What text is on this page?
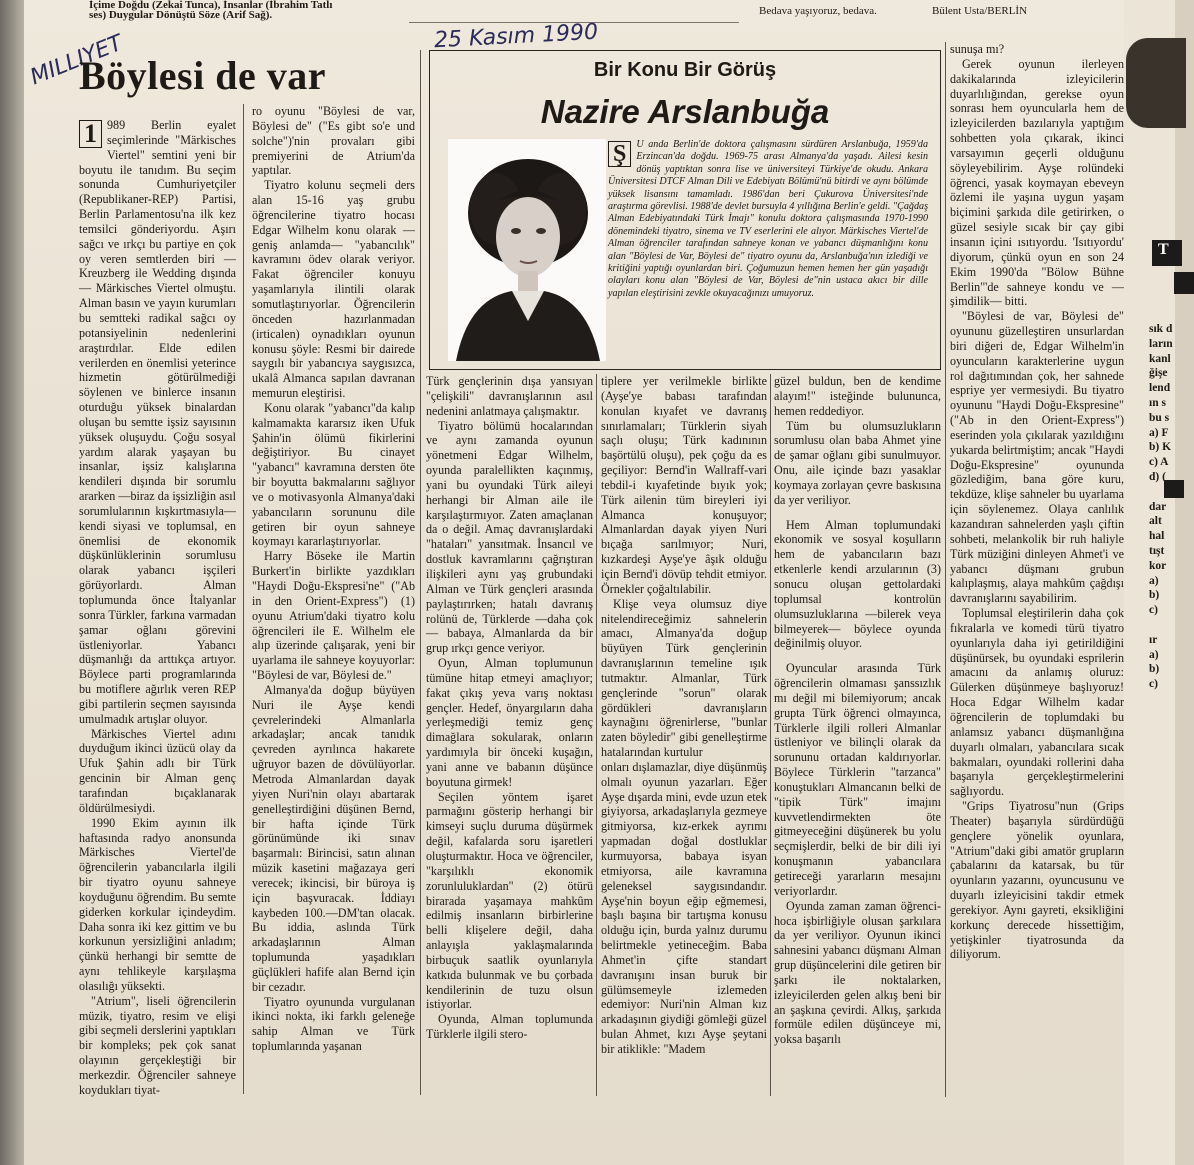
İçime Doğdu (Zekai Tunca), İnsanlar (İbrahim Tatlı
ses) Duygular Dönüştü Söze (Arif Sağ).	Bedava yaşıyoruz, bedava.	Bülent Usta/BERLİN
MILLIYET	25 Kasım 1990
Böylesi de var

1 989 Berlin eyalet seçimlerinde "Märkisches Viertel" semtini yeni bir boyutu ile tanıdım. Bu seçim sonunda Cumhuriyetçiler (Republikaner-REP) Partisi, Berlin Parlamentosu'na ilk kez temsilci gönderiyordu. Aşırı sağcı ve ırkçı bu partiye en çok oy veren semtlerden biri —Kreuzberg ile Wedding dışında— Märkisches Viertel olmuştu. Alman basın ve yayın kurumları bu semtteki radikal sağcı oy potansiyelinin nedenlerini araştırdılar. Elde edilen verilerden en önemlisi yeterince hizmetin götürülmediği söylenen ve binlerce insanın oturduğu yüksek binalardan oluşan bu semtte işsiz sayısının yüksek oluşuydu. Çoğu sosyal yardım alarak yaşayan bu insanlar, işsiz kalışlarına kendileri dışında bir sorumlu ararken —biraz da işsizliğin asıl sorumlularının kışkırtmasıyla— kendi siyasi ve toplumsal, en önemlisi de ekonomik düşkünlüklerinin sorumlusu olarak yabancı işçileri görüyorlardı. Alman toplumunda önce İtalyanlar sonra Türkler, farkına varmadan şamar oğlanı görevini üstleniyorlar. Yabancı düşmanlığı da arttıkça artıyor. Böylece parti programlarında bu motiflere ağırlık veren REP gibi partilerin seçmen sayısında umulmadık artışlar oluyor.

Märkisches Viertel adını duyduğum ikinci üzücü olay da Ufuk Şahin adlı bir Türk gencinin bir Alman genç tarafından bıçaklanarak öldürülmesiydi.

1990 Ekim ayının ilk haftasında radyo anonsunda Märkisches Viertel'de öğrencilerin yabancılarla ilgili bir tiyatro oyunu sahneye koyduğunu öğrendim. Bu semte giderken korkular içindeydim. Daha sonra iki kez gittim ve bu korkunun yersizliğini anladım; çünkü herhangi bir semtte de aynı tehlikeyle karşılaşma olasılığı yüksekti.

"Atrium", liseli öğrencilerin müzik, tiyatro, resim ve elişi gibi seçmeli derslerini yaptıkları bir kompleks; pek çok sanat olayının gerçekleştiği bir merkezdir. Öğrenciler sahneye koydukları tiyat-

ro oyunu "Böylesi de var, Böylesi de" ("Es gibt so'e und solche")'nin provaları gibi premiyerini de Atrium'da yaptılar.

Tiyatro kolunu seçmeli ders alan 15-16 yaş grubu öğrencilerine tiyatro hocası Edgar Wilhelm konu olarak —geniş anlamda— "yabancılık" kavramını ödev olarak veriyor. Fakat öğrenciler konuyu yaşamlarıyla ilintili olarak somutlaştırıyorlar. Öğrencilerin önceden hazırlanmadan (irticalen) oynadıkları oyunun konusu şöyle: Resmi bir dairede saygılı bir yabancıya saygısızca, ukalâ Almanca sapılan davranan memurun eleştirisi.

Konu olarak "yabancı"da kalıp kalmamakta kararsız iken Ufuk Şahin'in ölümü fikirlerini değiştiriyor. Bu cinayet "yabancı" kavramına dersten öte bir boyutta bakmalarını sağlıyor ve o motivasyonla Almanya'daki yabancıların sorununu dile getiren bir oyun sahneye koymayı kararlaştırıyorlar.

Harry Böseke ile Martin Burkert'in birlikte yazdıkları "Haydi Doğu-Ekspresi'ne" ("Ab in den Orient-Express") (1) oyunu Atrium'daki tiyatro kolu öğrencileri ile E. Wilhelm ele alıp üzerinde çalışarak, yeni bir uyarlama ile sahneye koyuyorlar: "Böylesi de var, Böylesi de."

Almanya'da doğup büyüyen Nuri ile Ayşe kendi çevrelerindeki Almanlarla arkadaşlar; ancak tanıdık çevreden ayrılınca hakarete uğruyor bazen de dövülüyorlar. Metroda Almanlardan dayak yiyen Nuri'nin olayı abartarak genelleştirdiğini düşünen Bernd, bir hafta içinde Türk görünümünde iki sınav başarmalı: Birincisi, satın alınan müzik kasetini mağazaya geri verecek; ikincisi, bir büroya iş için başvuracak. İddiayı kaybeden 100.—DM'tan olacak. Bu iddia, aslında Türk arkadaşlarının Alman toplumunda yaşadıkları güçlükleri hafife alan Bernd için bir cezadır.

Tiyatro oyununda vurgulanan ikinci nokta, iki farklı geleneğe sahip Alman ve Türk toplumlarında yaşanan

Bir Konu Bir Görüş
Nazire Arslanbuğa
Ş U anda Berlin'de doktora çalışmasını sürdüren Arslanbuğa, 1959'da Erzincan'da doğdu. 1969-75 arası Almanya'da yaşadı. Ailesi kesin dönüş yaptıktan sonra lise ve üniversiteyi Türkiye'de okudu. Ankara Üniversitesi DTCF Alman Dili ve Edebiyatı Bölümü'nü bitirdi ve aynı bölümde yüksek lisansını tamamladı. 1986'dan beri Çukurova Üniversitesi'nde araştırma görevlisi. 1988'de devlet bursuyla 4 yıllığına Berlin'e geldi. "Çağdaş Alman Edebiyatındaki Türk İmajı" konulu doktora çalışmasında 1970-1990 dönemindeki tiyatro, sinema ve TV eserlerini ele alıyor. Märkisches Viertel'de Alman öğrenciler tarafından sahneye konan ve yabancı düşmanlığını konu alan "Böylesi de Var, Böylesi de" tiyatro oyunu da, Arslanbuğa'nın izlediği ve kritiğini yaptığı oyunlardan biri. Çoğumuzun hemen hemen her gün yaşadığı olayları konu alan "Böylesi de Var, Böylesi de"nin ustaca akıcı bir dille yapılan eleştirisini zevkle okuyacağınızı umuyoruz.

Türk gençlerinin dışa yansıyan "çelişkili" davranışlarının asıl nedenini anlatmaya çalışmaktır.

Tiyatro bölümü hocalarından ve aynı zamanda oyunun yönetmeni Edgar Wilhelm, oyunda paralellikten kaçınmış, yani bu oyundaki Türk aileyi herhangi bir Alman aile ile karşılaştırmıyor. Zaten amaçlanan da o değil. Amaç davranışlardaki "hataları" yansıtmak. İnsancıl ve dostluk kavramlarını çağrıştıran ilişkileri aynı yaş grubundaki Alman ve Türk gençleri arasında paylaştırırken; hatalı davranış rolünü de, Türklerde —daha çok— babaya, Almanlarda da bir grup ırkçı gence veriyor.

Oyun, Alman toplumunun tümüne hitap etmeyi amaçlıyor; fakat çıkış yeva varış noktası gençler. Hedef, önyargıların daha yerleşmediği temiz genç dimağlara sokularak, onların yardımıyla bir önceki kuşağın, yani anne ve babanın düşünce boyutuna girmek!

Seçilen yöntem işaret parmağını gösterip herhangi bir kimseyi suçlu duruma düşürmek değil, kafalarda soru işaretleri oluşturmaktır. Hoca ve öğrenciler, "karşılıklı ekonomik zorunluluklardan" (2) ötürü birarada yaşamaya mahkûm edilmiş insanların birbirlerine belli klişelere değil, daha anlayışla yaklaşmalarında birbuçuk saatlik oyunlarıyla katkıda bulunmak ve bu çorbada kendilerinin de tuzu olsun istiyorlar.

Oyunda, Alman toplumunda Türklerle ilgili stero-

tiplere yer verilmekle birlikte (Ayşe'ye babası tarafından konulan kıyafet ve davranış sınırlamaları; Türklerin siyah saçlı oluşu; Türk kadınının başörtülü oluşu), pek çoğu da es geçiliyor: Bernd'in Wallraff-vari tebdil-i kıyafetinde bıyık yok; Türk ailenin tüm bireyleri iyi Almanca konuşuyor; Almanlardan dayak yiyen Nuri bıçağa sarılmıyor; Nuri, kızkardeşi Ayşe'ye âşık olduğu için Bernd'i dövüp tehdit etmiyor. Örnekler çoğaltılabilir.

Klişe veya olumsuz diye nitelendireceğimiz sahnelerin amacı, Almanya'da doğup büyüyen Türk gençlerinin davranışlarının temeline ışık tutmaktır. Almanlar, Türk gençlerinde "sorun" olarak gördükleri davranışların kaynağını öğrenirlerse, "bunlar zaten böyledir" gibi genelleştirme hatalarından kurtulur

onları dışlamazlar, diye düşünmüş olmalı oyunun yazarları. Eğer Ayşe dışarda mini, evde uzun etek giyiyorsa, arkadaşlarıyla gezmeye gitmiyorsa, kız-erkek ayrımı yapmadan doğal dostluklar kurmuyorsa, babaya isyan etmiyorsa, aile kavramına geleneksel saygısındandır. Ayşe'nin boyun eğip eğmemesi, başlı başına bir tartışma konusu olduğu için, burda yalnız durumu belirtmekle yetineceğim. Baba Ahmet'in çifte standart davranışını insan buruk bir gülümsemeyle izlemeden edemiyor: Nuri'nin Alman kız arkadaşının giydiği gömleği güzel bulan Ahmet, kızı Ayşe şeytani bir atiklikle: "Madem

güzel buldun, ben de kendime alayım!" isteğinde bulununca, hemen reddediyor.

Tüm bu olumsuzlukların sorumlusu olan baba Ahmet yine de şamar oğlanı gibi sunulmuyor. Onu, aile içinde bazı yasaklar koymaya zorlayan çevre baskısına da yer veriliyor.

Hem Alman toplumundaki ekonomik ve sosyal koşulların hem de yabancıların bazı etkenlerle kendi arzularının (3) sonucu oluşan gettolardaki toplumsal kontrolün olumsuzluklarına —bilerek veya bilmeyerek— böylece oyunda değinilmiş oluyor.

Oyuncular arasında Türk öğrencilerin olmaması şanssızlık mı değil mi bilemiyorum; ancak grupta Türk öğrenci olmayınca, Türklerle ilgili rolleri Almanlar üstleniyor ve bilinçli olarak da sorununu ortadan kaldırıyorlar. Böylece Türklerin "tarzanca" konuştukları Almancanın belki de "tipik Türk" imajını kuvvetlendirmekten öte gitmeyeceğini düşünerek bu yolu seçmişlerdir, belki de bir dili iyi konuşmanın yabancılara getireceği yararların mesajını veriyorlardır.

Oyunda zaman zaman öğrenci-hoca işbirliğiyle olusan şarkılara da yer veriliyor. Oyunun ikinci sahnesini yabancı düşmanı Alman grup düşüncelerini dile getiren bir şarkı ile noktalarken, izleyicilerden gelen alkış beni bir an şaşkına çevirdi. Alkış, şarkıda formüle edilen düşünceye mi, yoksa başarılı

sunuşa mı?

Gerek oyunun ilerleyen dakikalarında izleyicilerin duyarlılığından, gerekse oyun sonrası hem oyuncularla hem de izleyicilerden bazılarıyla yaptığım sohbetten yola çıkarak, ikinci varsayımın geçerli olduğunu söyleyebilirim. Ayşe rolündeki öğrenci, yasak koymayan ebeveyn özlemi ile yaşına uygun yaşam biçimini şarkıda dile getirirken, o güzel sesiyle sıcak bir çay gibi insanın içini ısıtıyordu. 'Isıtıyordu' diyorum, çünkü oyun en son 24 Ekim 1990'da "Bölow Bühne Berlin"'de sahneye kondu ve —şimdilik— bitti.

"Böylesi de var, Böylesi de" oyununu güzelleştiren unsurlardan biri diğeri de, Edgar Wilhelm'in oyuncuların karakterlerine uygun rol dağıtımından çok, her sahnede espriye yer vermesiydi. Bu tiyatro oyununu "Haydi Doğu-Ekspresine" ("Ab in den Orient-Express") eserinden yola çıkılarak yazıldığını yukarda belirtmiştim; ancak "Haydi Doğu-Ekspresine" oyununda gözlediğim, bana göre kuru, tekdüze, klişe sahneler bu uyarlama için söylenemez. Olaya canlılık kazandıran sahnelerden yaşlı çiftin sohbeti, melankolik bir ruh haliyle Türk müziğini dinleyen Ahmet'i ve yabancı düşmanı grubun kalıplaşmış, alaya mahkûm çağdışı davranışlarını sayabilirim.

Toplumsal eleştirilerin daha çok fıkralarla ve komedi türü tiyatro oyunlarıyla daha iyi getirildiğini düşünürsek, bu oyundaki esprilerin amacını da anlamış oluruz: Gülerken düşünmeye başlıyoruz! Hoca Edgar Wilhelm kadar öğrencilerin de toplumdaki bu anlamsız yabancı düşmanlığına duyarlı olmaları, yabancılara sıcak bakmaları, oyundaki rollerini daha başarıyla gerçekleştirmelerini sağlıyordu.

"Grips Tiyatrosu"nun (Grips Theater) başarıyla sürdürdüğü gençlere yönelik oyunlara, "Atrium"daki gibi amatör grupların çabalarını da katarsak, bu tür oyunların yazarını, oyuncusunu ve duyarlı izleyicisini takdir etmek gerekiyor. Aynı gayreti, eksikliğini korkunç derecede hissettiğim, yetişkinler tiyatrosunda da diliyorum.

T
sık d
ların
kanl
ğişe
lend
ın s
bu s
a) F
b) K
c) A
d) (

dar
alt
hal
tışt
kor
a)
b)
c)

ır
a)
b)
c)
